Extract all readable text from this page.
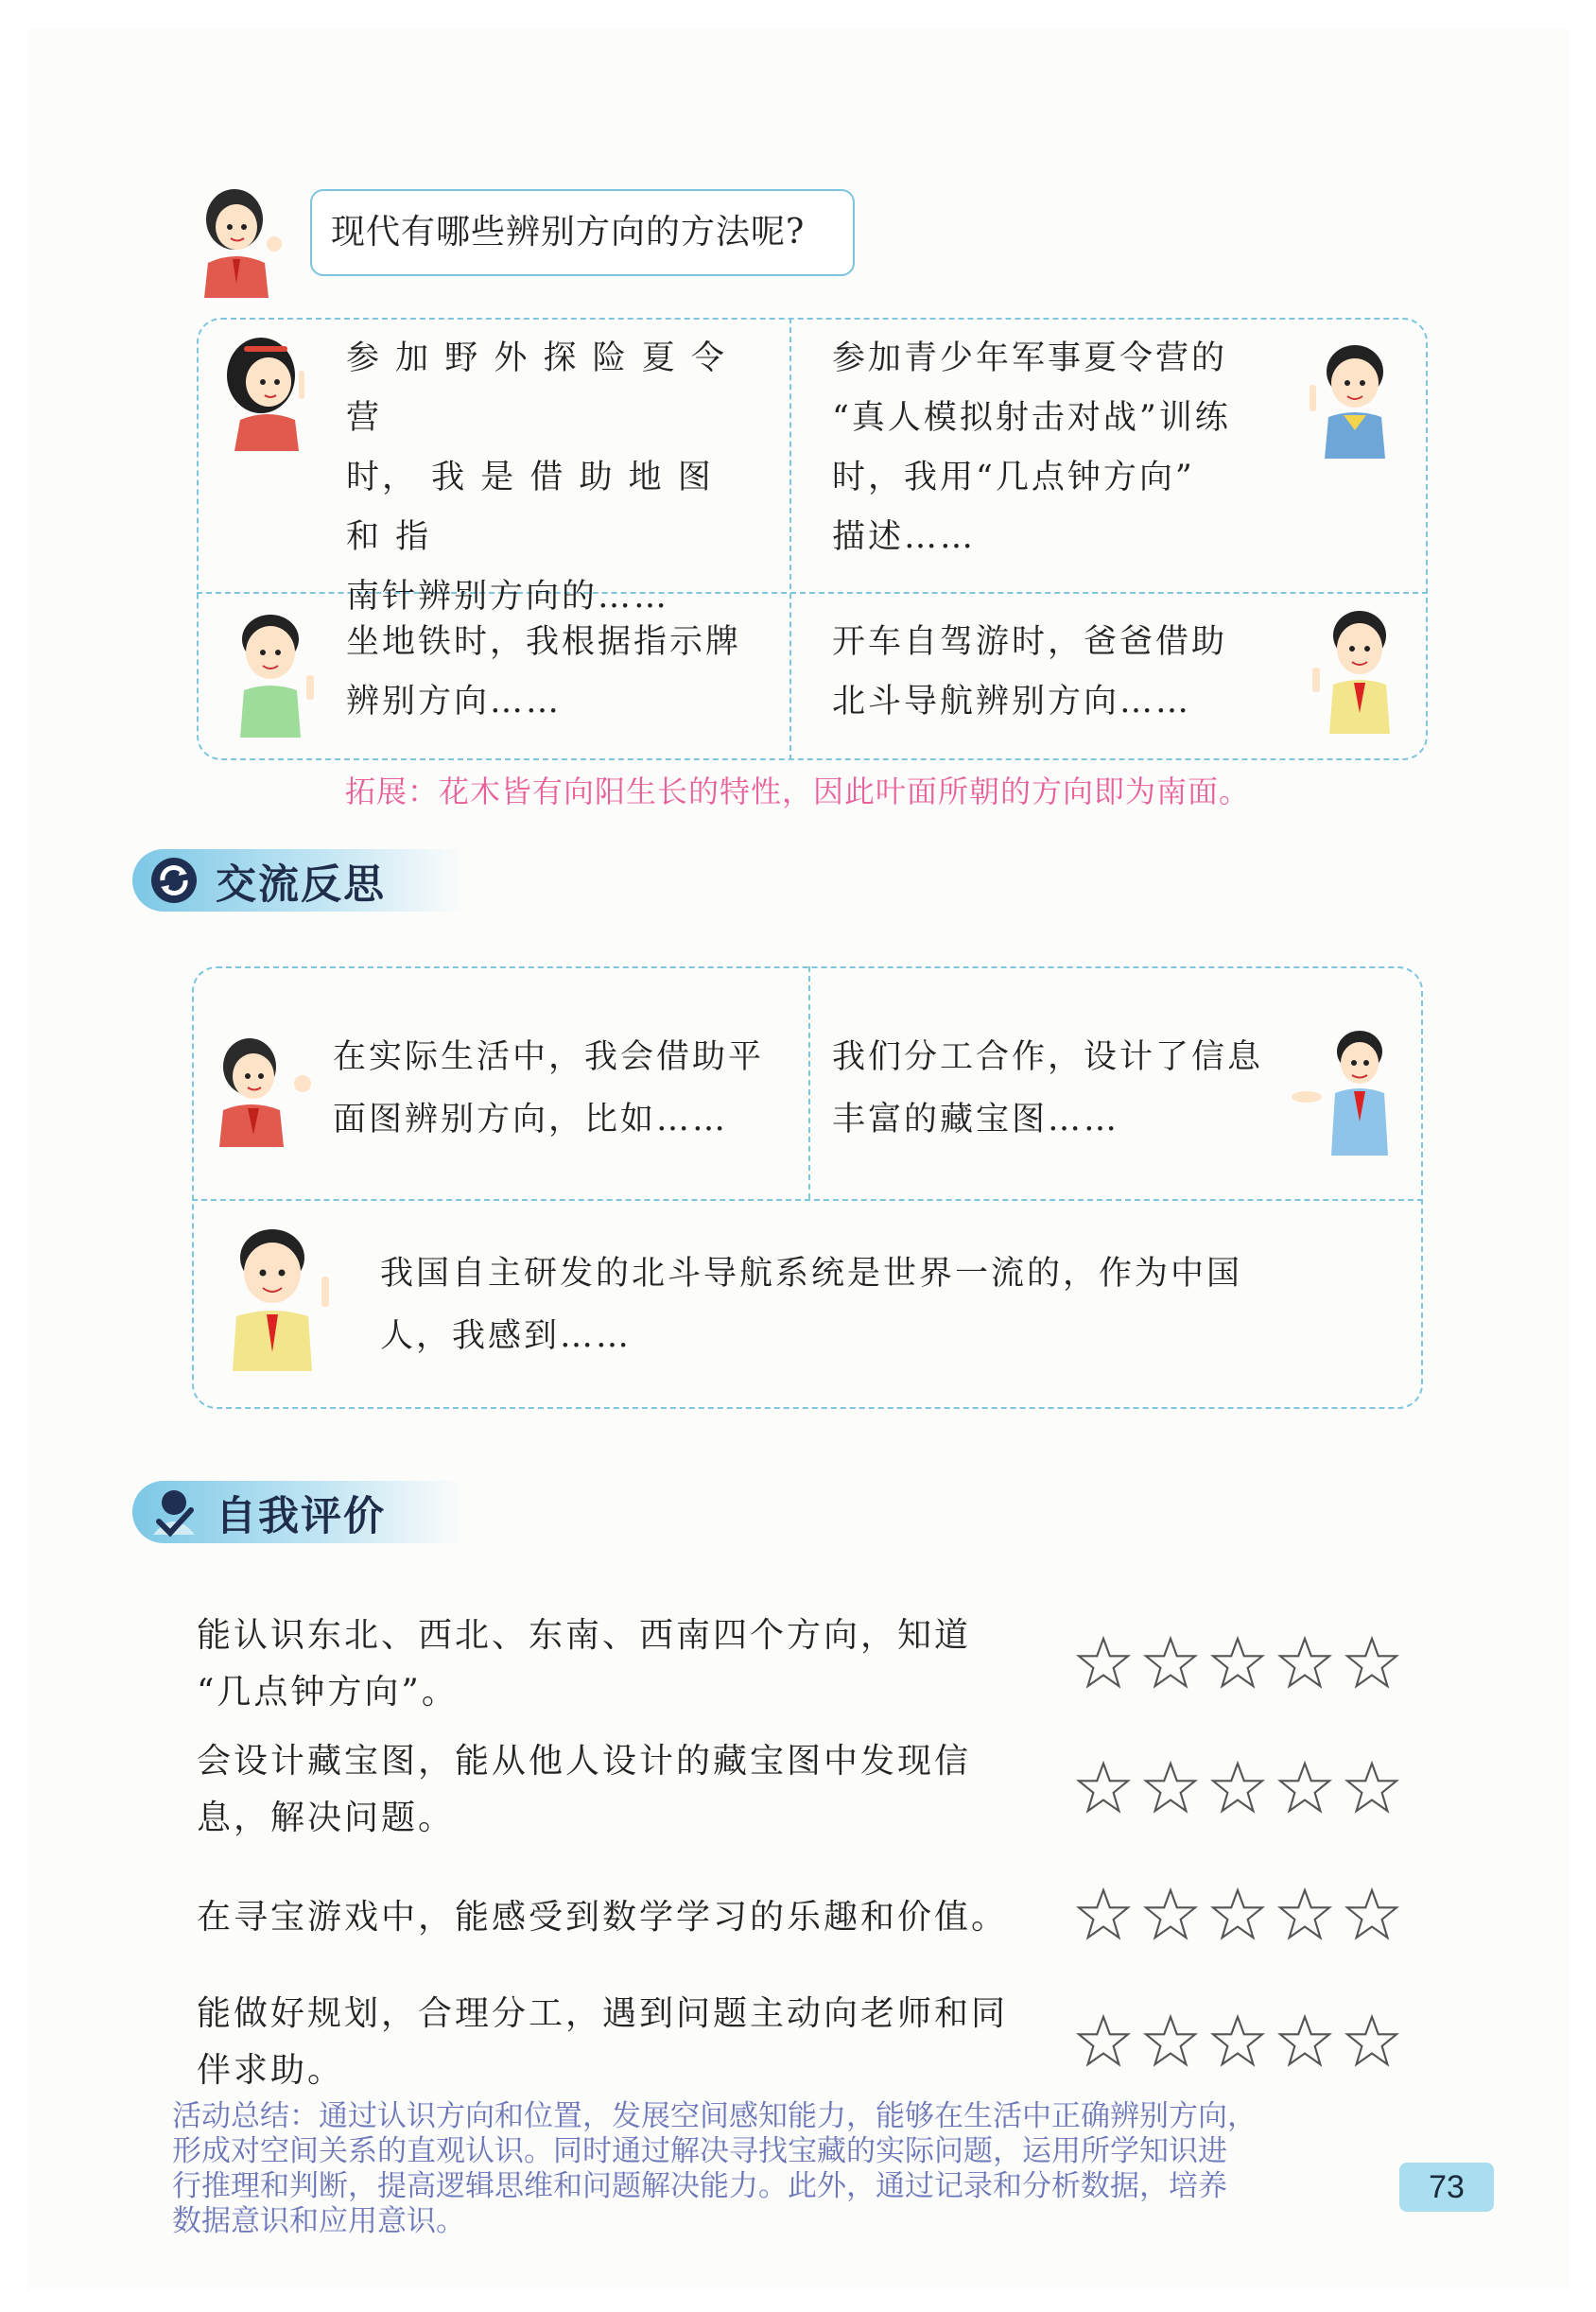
现代有哪些辨别方向的方法呢?
参 加 野 外 探 险 夏 令 营
时， 我 是 借 助 地 图 和 指
南针辨别方向的……
参加青少年军事夏令营的
“真人模拟射击对战”训练
时，我用“几点钟方向”
描述……
坐地铁时，我根据指示牌
辨别方向……
开车自驾游时，爸爸借助
北斗导航辨别方向……
拓展：花木皆有向阳生长的特性，因此叶面所朝的方向即为南面。
交流反思
在实际生活中，我会借助平
面图辨别方向，比如……
我们分工合作，设计了信息
丰富的藏宝图……
我国自主研发的北斗导航系统是世界一流的，作为中国
人，我感到……
自我评价
能认识东北、西北、东南、西南四个方向，知道
“几点钟方向”。
会设计藏宝图，能从他人设计的藏宝图中发现信
息，解决问题。
在寻宝游戏中，能感受到数学学习的乐趣和价值。
能做好规划，合理分工，遇到问题主动向老师和同
伴求助。
活动总结：通过认识方向和位置，发展空间感知能力，能够在生活中正确辨别方向，
形成对空间关系的直观认识。同时通过解决寻找宝藏的实际问题，运用所学知识进
行推理和判断，提高逻辑思维和问题解决能力。此外，通过记录和分析数据，培养
数据意识和应用意识。
73
